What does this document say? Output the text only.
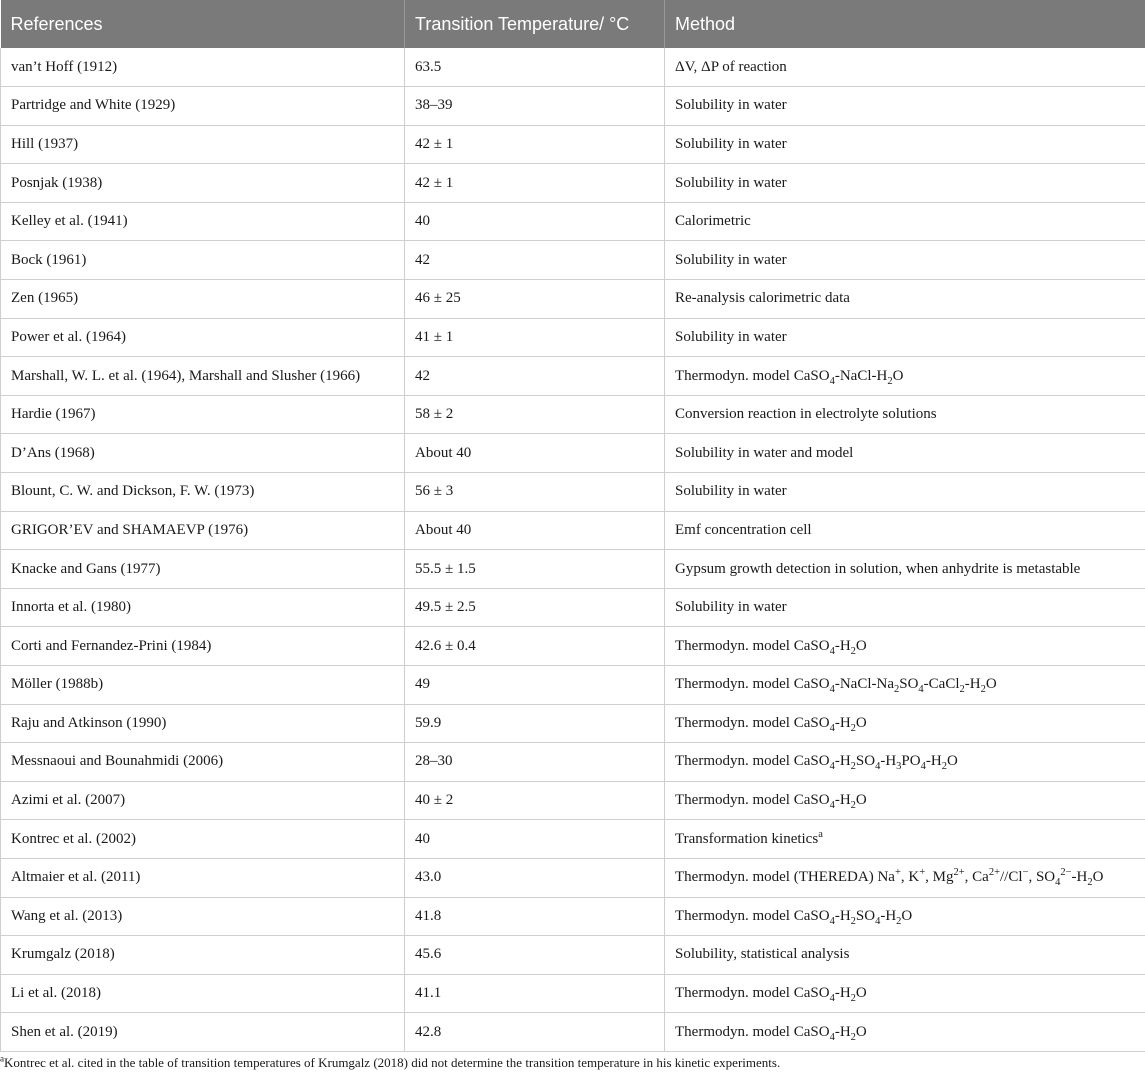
References	Transition Temperature/ °C	Method
van’t Hoff (1912)	63.5	ΔV, ΔP of reaction
Partridge and White (1929)	38–39	Solubility in water
Hill (1937)	42 ± 1	Solubility in water
Posnjak (1938)	42 ± 1	Solubility in water
Kelley et al. (1941)	40	Calorimetric
Bock (1961)	42	Solubility in water
Zen (1965)	46 ± 25	Re-analysis calorimetric data
Power et al. (1964)	41 ± 1	Solubility in water
Marshall, W. L. et al. (1964), Marshall and Slusher (1966)	42	Thermodyn. model $CaSO_4-NaCl-H_2O$
Hardie (1967)	58 ± 2	Conversion reaction in electrolyte solutions
D’Ans (1968)	About 40	Solubility in water and model
Blount, C. W. and Dickson, F. W. (1973)	56 ± 3	Solubility in water
GRIGOR’EV and SHAMAEVP (1976)	About 40	Emf concentration cell
Knacke and Gans (1977)	55.5 ± 1.5	Gypsum growth detection in solution, when anhydrite is metastable
Innorta et al. (1980)	49.5 ± 2.5	Solubility in water
Corti and Fernandez-Prini (1984)	42.6 ± 0.4	Thermodyn. model $CaSO_4-H_2O$
Möller (1988b)	49	Thermodyn. model $CaSO_4-NaCl-Na_2SO_4-CaCl_2-H_2O$
Raju and Atkinson (1990)	59.9	Thermodyn. model $CaSO_4-H_2O$
Messnaoui and Bounahmidi (2006)	28–30	Thermodyn. model $CaSO_4-H_2SO_4-H_3PO_4-H_2O$
Azimi et al. (2007)	40 ± 2	Thermodyn. model $CaSO_4-H_2O$
Kontrec et al. (2002)	40	Transformation kinetics$^a$
Altmaier et al. (2011)	43.0	Thermodyn. model (THEREDA) Na+, K+, $Mg^{2+}$, $Ca^{2+}//Cl^-$, $SO_4^{2-}-H_2O$
Wang et al. (2013)	41.8	Thermodyn. model $CaSO_4-H_2SO_4-H_2O$
Krumgalz (2018)	45.6	Solubility, statistical analysis
Li et al. (2018)	41.1	Thermodyn. model $CaSO_4-H_2O$
Shen et al. (2019)	42.8	Thermodyn. model $CaSO_4-H_2O$
$^a$Kontrec et al. cited in the table of transition temperatures of Krumgalz (2018) did not determine the transition temperature in his kinetic experiments.
